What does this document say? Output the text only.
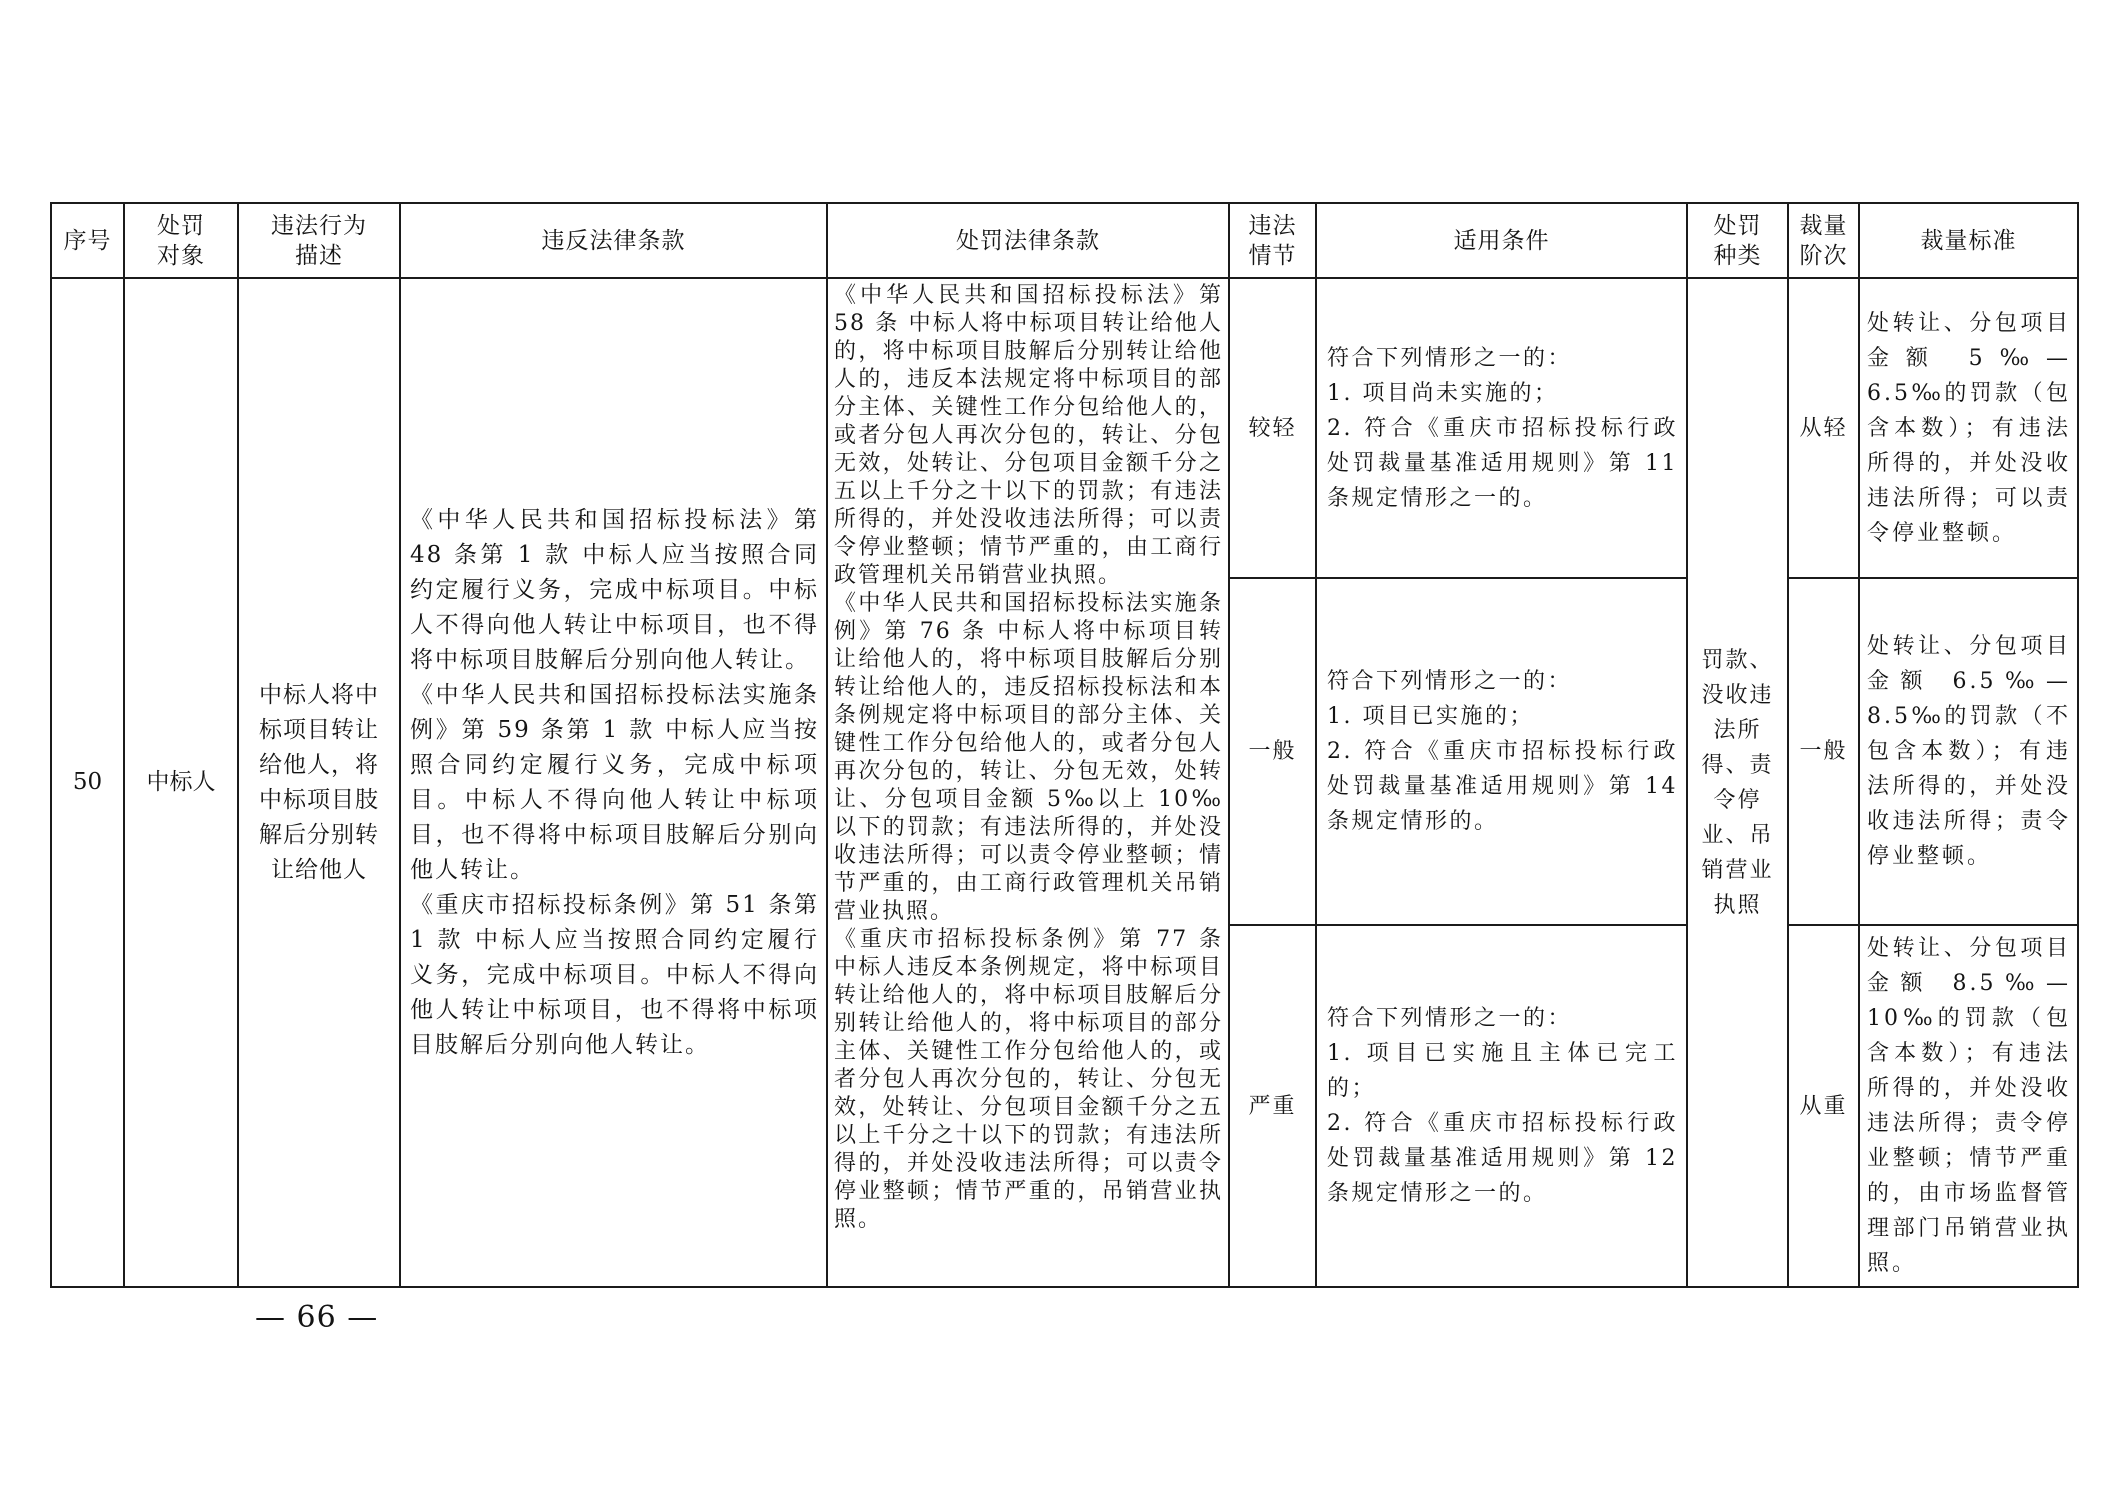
序号
处罚
对象
违法行为
描述
违反法律条款	处罚法律条款
违法
情节
适用条件
处罚
种类
裁量
阶次
裁量标准
50 中标人
中标人将中标项目转让给他人，将中标项目肢解后分别转让给他人

《中华人民共和国招标投标法》第 48 条第 1 款 中标人应当按照合同约定履行义务，完成中标项目。中标人不得向他人转让中标项目，也不得将中标项目肢解后分别向他人转让。

《中华人民共和国招标投标法实施条例》第 59 条第 1 款 中标人应当按照合同约定履行义务，完成中标项目。中标人不得向他人转让中标项目，也不得将中标项目肢解后分别向他人转让。

《重庆市招标投标条例》第 51 条第 1 款 中标人应当按照合同约定履行义务，完成中标项目。中标人不得向他人转让中标项目，也不得将中标项目肢解后分别向他人转让。

《中华人民共和国招标投标法》第 58 条 中标人将中标项目转让给他人的，将中标项目肢解后分别转让给他人的，违反本法规定将中标项目的部分主体、关键性工作分包给他人的，或者分包人再次分包的，转让、分包无效，处转让、分包项目金额千分之五以上千分之十以下的罚款；有违法所得的，并处没收违法所得；可以责令停业整顿；情节严重的，由工商行政管理机关吊销营业执照。

《中华人民共和国招标投标法实施条例》第 76 条 中标人将中标项目转让给他人的，将中标项目肢解后分别转让给他人的，违反招标投标法和本条例规定将中标项目的部分主体、关键性工作分包给他人的，或者分包人再次分包的，转让、分包无效，处转让、分包项目金额 5‰以上 10‰以下的罚款；有违法所得的，并处没收违法所得；可以责令停业整顿；情节严重的，由工商行政管理机关吊销营业执照。

《重庆市招标投标条例》第 77 条 中标人违反本条例规定，将中标项目转让给他人的，将中标项目肢解后分别转让给他人的，将中标项目的部分主体、关键性工作分包给他人的，或者分包人再次分包的，转让、分包无效，处转让、分包项目金额千分之五以上千分之十以下的罚款；有违法所得的，并处没收违法所得；可以责令停业整顿；情节严重的，吊销营业执照。

罚款、没收违法所得、责令停业、吊销营业执照
较轻

符合下列情形之一的：

1. 项目尚未实施的；

2. 符合《重庆市招标投标行政处罚裁量基准适用规则》第 11 条规定情形之一的。

从轻

处转让、分包项目金额 5‰—6.5‰的罚款（包含本数）；有违法所得的，并处没收违法所得；可以责令停业整顿。

一般

符合下列情形之一的：

1. 项目已实施的；

2. 符合《重庆市招标投标行政处罚裁量基准适用规则》第 14 条规定情形的。

一般

处转让、分包项目金额 6.5‰—8.5‰的罚款（不包含本数）；有违法所得的，并处没收违法所得；责令停业整顿。

严重

符合下列情形之一的：

1. 项目已实施且主体已完工的；

2. 符合《重庆市招标投标行政处罚裁量基准适用规则》第 12 条规定情形之一的。

从重

处转让、分包项目金额 8.5‰—10‰的罚款（包含本数）；有违法所得的，并处没收违法所得；责令停业整顿；情节严重的，由市场监督管理部门吊销营业执照。

— 66 —
